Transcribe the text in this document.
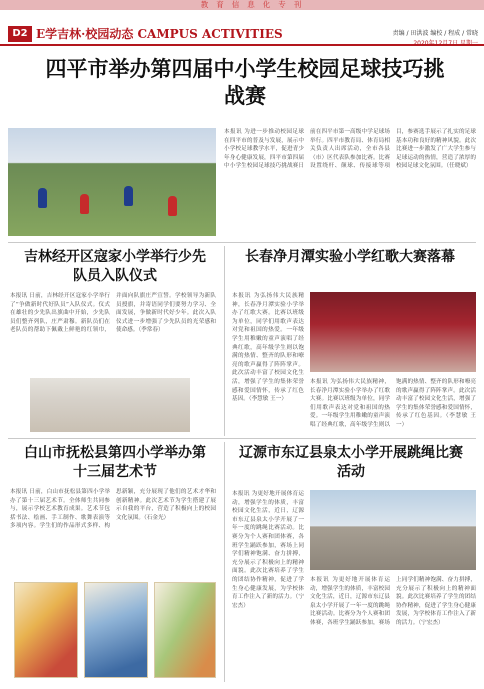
教育信息化专刊
D2 E学吉林·校园动态 CAMPUS ACTIVITIES	责编 / 田洪波 编校 / 程成 / 常晓
2020年12月7日 星期一
四平市举办第四届中小学生校园足球技巧挑战赛
本报讯 为进一步推动校园足球在四平市的普及与发展，展示中小学校足球教学水平，促进青少年身心健康发展，四平市第四届中小学生校园足球技巧挑战赛日前在四平市第一高级中学足球场举行。四平市教育局、体育局相关负责人出席活动，全市各县（市）区代表队参加比赛。比赛设置绕杆、颠球、传接球等项目，参赛选手展示了扎实的足球基本功和良好的精神风貌。此次比赛进一步激发了广大学生参与足球运动的热情，营造了浓厚的校园足球文化氛围。（任晓斌）
吉林经开区寇家小学举行少先队员入队仪式
本报讯 日前，吉林经开区寇家小学举行了“争做新时代好队员”入队仪式。仪式在雄壮的少先队出旗曲中开始，少先队员们整齐列队，庄严肃穆。新队员们在老队员的帮助下佩戴上鲜艳的红领巾，并面向队旗庄严宣誓。学校领导为新队员授旗，并寄语同学们要努力学习、全面发展，争做新时代好少年。此次入队仪式进一步增强了少先队员的光荣感和使命感。（季常春）
长春净月潭实验小学红歌大赛落幕
本报讯 为弘扬伟大民族精神，长春净月潭实验小学举办了红歌大赛。比赛以班级为单位，同学们用歌声表达对党和祖国的热爱。一年级学生用稚嫩的童声演唱了经典红歌，高年级学生则以饱满的热情、整齐的队形和嘹亮的歌声赢得了阵阵掌声。此次活动丰富了校园文化生活，增强了学生的集体荣誉感和爱国情怀，传承了红色基因。（李慧敏 王一）
本报讯 为弘扬伟大民族精神，长春净月潭实验小学举办了红歌大赛。比赛以班级为单位，同学们用歌声表达对党和祖国的热爱。一年级学生用稚嫩的童声演唱了经典红歌，高年级学生则以饱满的热情、整齐的队形和嘹亮的歌声赢得了阵阵掌声。此次活动丰富了校园文化生活，增强了学生的集体荣誉感和爱国情怀，传承了红色基因。（李慧敏 王一）
白山市抚松县第四小学举办第十三届艺术节
本报讯 日前，白山市抚松县第四小学举办了第十三届艺术节。全体师生共同参与，展示学校艺术教育成果。艺术节包括书法、绘画、手工制作、歌舞表演等多项内容。学生们的作品形式多样、构思新颖，充分展现了他们的艺术才华和创新精神。此次艺术节为学生搭建了展示自我的平台，营造了积极向上的校园文化氛围。（石金光）
辽源市东辽县泉太小学开展跳绳比赛活动
本报讯 为更好地开展体育运动，增强学生的体质，丰富校园文化生活，近日，辽源市东辽县泉太小学开展了一年一度的跳绳比赛活动。比赛分为个人赛和团体赛，各班学生踊跃参加，赛场上同学们精神饱满、奋力拼搏，充分展示了积极向上的精神面貌。此次比赛培养了学生的团结协作精神，促进了学生身心健康发展，为学校体育工作注入了新的活力。（宁宏杰）
本报讯 为更好地开展体育运动，增强学生的体质，丰富校园文化生活，近日，辽源市东辽县泉太小学开展了一年一度的跳绳比赛活动。比赛分为个人赛和团体赛，各班学生踊跃参加，赛场上同学们精神饱满、奋力拼搏，充分展示了积极向上的精神面貌。此次比赛培养了学生的团结协作精神，促进了学生身心健康发展，为学校体育工作注入了新的活力。（宁宏杰）
